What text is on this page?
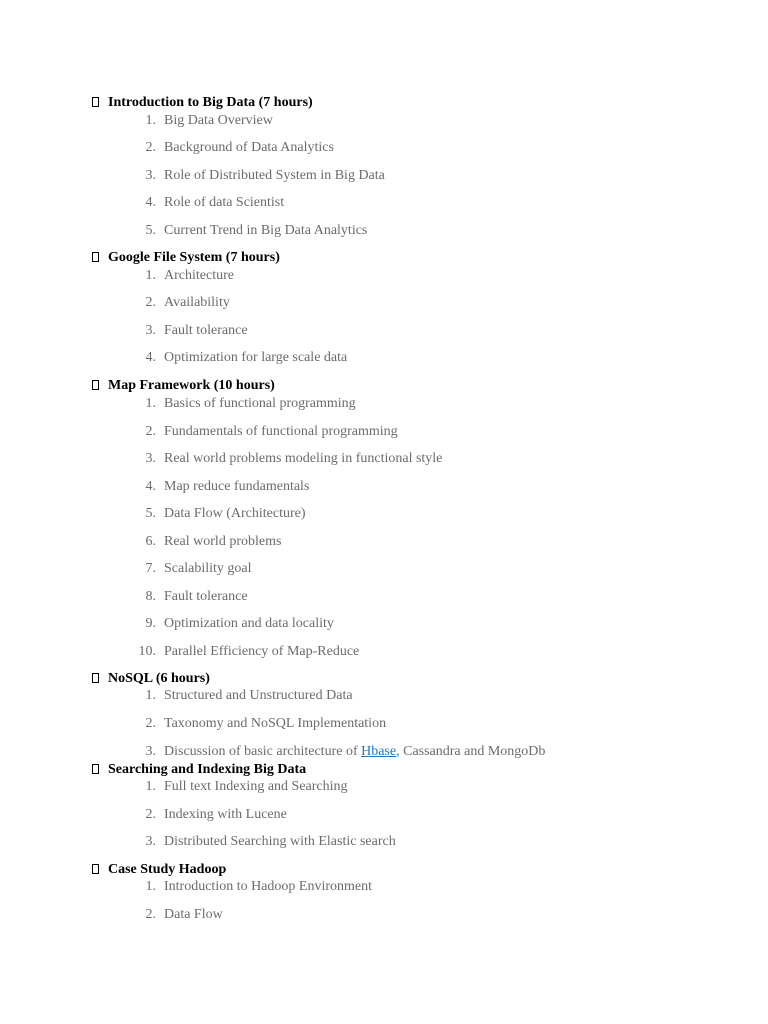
Introduction to Big Data (7 hours)
1. Big Data Overview
2. Background of Data Analytics
3. Role of Distributed System in Big Data
4. Role of data Scientist
5. Current Trend in Big Data Analytics
Google File System (7 hours)
1. Architecture
2. Availability
3. Fault tolerance
4. Optimization for large scale data
Map Framework (10 hours)
1. Basics of functional programming
2. Fundamentals of functional programming
3. Real world problems modeling in functional style
4. Map reduce fundamentals
5. Data Flow (Architecture)
6. Real world problems
7. Scalability goal
8. Fault tolerance
9. Optimization and data locality
10. Parallel Efficiency of Map-Reduce
NoSQL (6 hours)
1. Structured and Unstructured Data
2. Taxonomy and NoSQL Implementation
3. Discussion of basic architecture of Hbase, Cassandra and MongoDb
Searching and Indexing Big Data
1. Full text Indexing and Searching
2. Indexing with Lucene
3. Distributed Searching with Elastic search
Case Study Hadoop
1. Introduction to Hadoop Environment
2. Data Flow
